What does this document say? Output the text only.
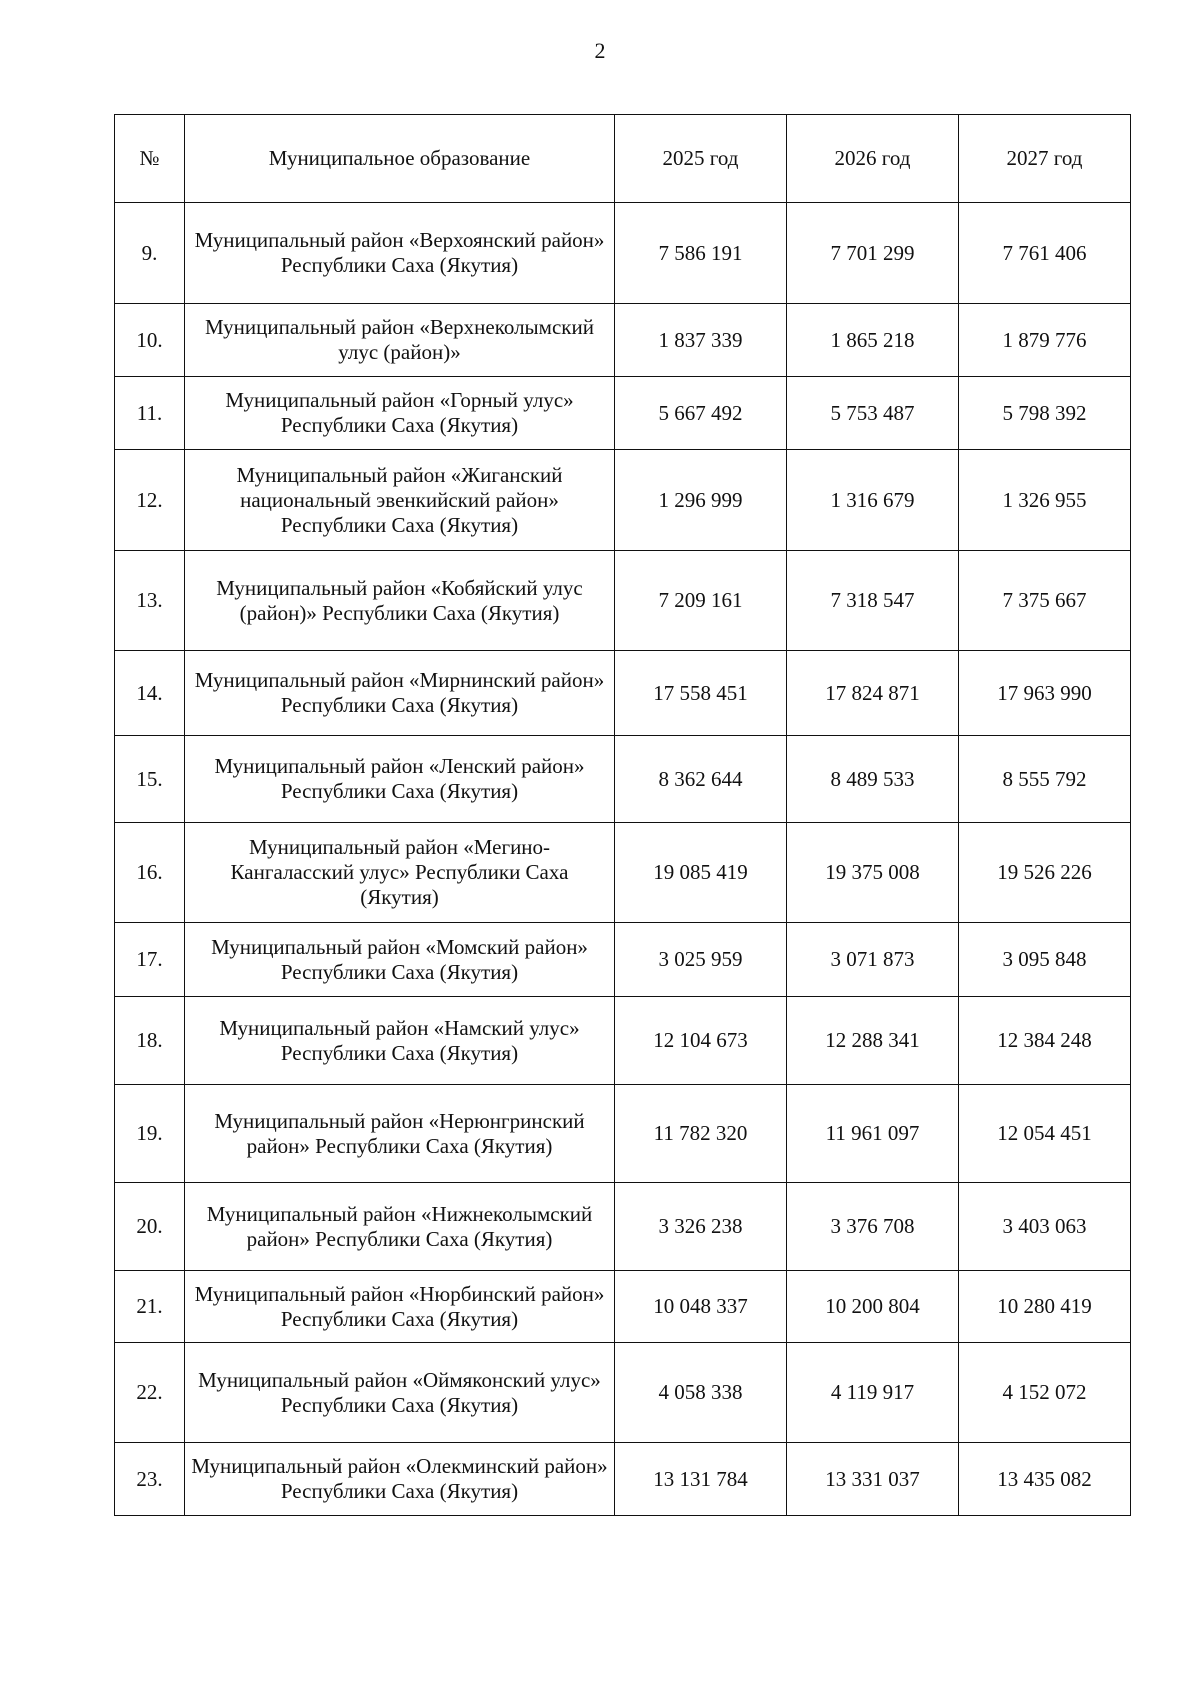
2
№	Муниципальное образование	2025 год	2026 год	2027 год
9.	Муниципальный район «Верхоянский район» Республики Саха (Якутия)	7 586 191	7 701 299	7 761 406
10.	Муниципальный район «Верхнеколымский улус (район)»	1 837 339	1 865 218	1 879 776
11.	Муниципальный район «Горный улус» Республики Саха (Якутия)	5 667 492	5 753 487	5 798 392
12.	Муниципальный район «Жиганский национальный эвенкийский район» Республики Саха (Якутия)	1 296 999	1 316 679	1 326 955
13.	Муниципальный район «Кобяйский улус (район)» Республики Саха (Якутия)	7 209 161	7 318 547	7 375 667
14.	Муниципальный район «Мирнинский район» Республики Саха (Якутия)	17 558 451	17 824 871	17 963 990
15.	Муниципальный район «Ленский район» Республики Саха (Якутия)	8 362 644	8 489 533	8 555 792
16.	Муниципальный район «Мегино-Кангаласский улус» Республики Саха (Якутия)	19 085 419	19 375 008	19 526 226
17.	Муниципальный район «Момский район» Республики Саха (Якутия)	3 025 959	3 071 873	3 095 848
18.	Муниципальный район «Намский улус» Республики Саха (Якутия)	12 104 673	12 288 341	12 384 248
19.	Муниципальный район «Нерюнгринский район» Республики Саха (Якутия)	11 782 320	11 961 097	12 054 451
20.	Муниципальный район «Нижнеколымский район» Республики Саха (Якутия)	3 326 238	3 376 708	3 403 063
21.	Муниципальный район «Нюрбинский район» Республики Саха (Якутия)	10 048 337	10 200 804	10 280 419
22.	Муниципальный район «Оймяконский улус» Республики Саха (Якутия)	4 058 338	4 119 917	4 152 072
23.	Муниципальный район «Олекминский район» Республики Саха (Якутия)	13 131 784	13 331 037	13 435 082
